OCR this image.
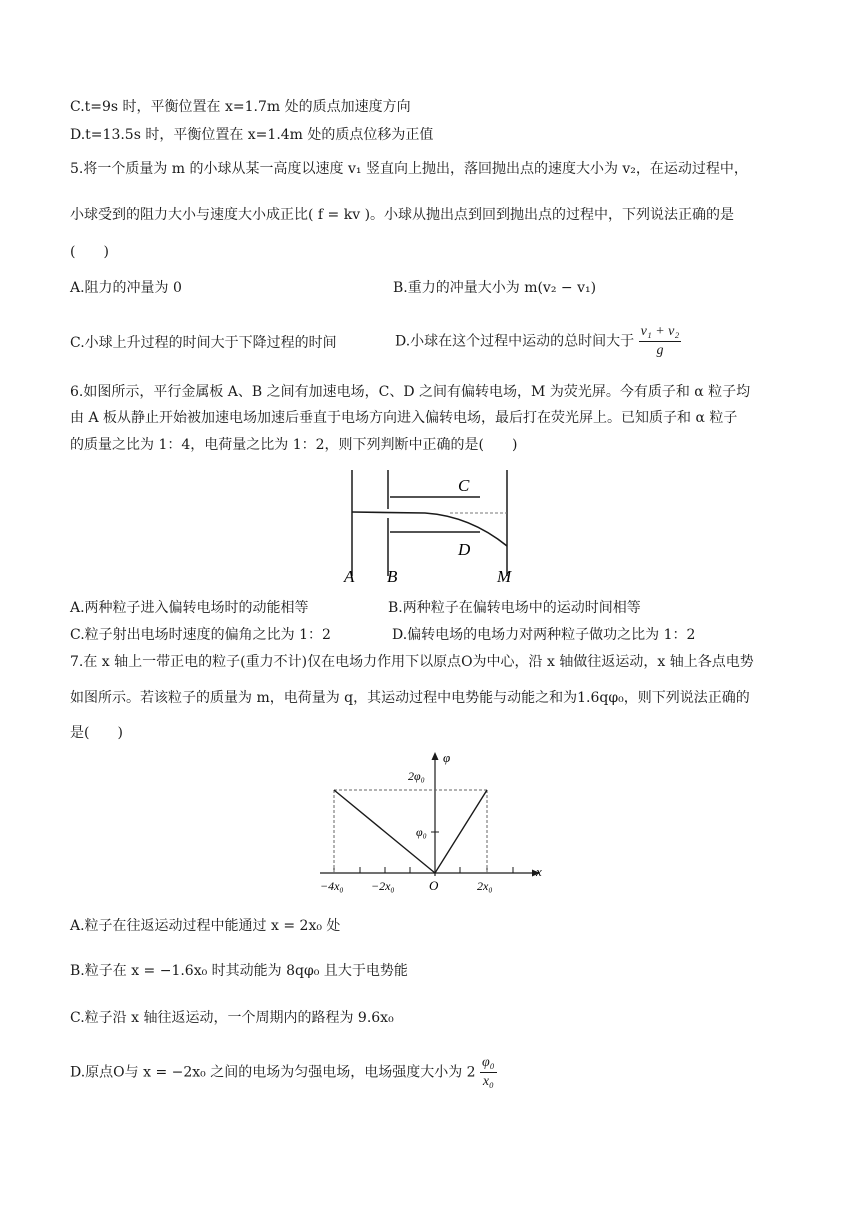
C.t=9s 时，平衡位置在 x=1.7m 处的质点加速度方向
D.t=13.5s 时，平衡位置在 x=1.4m 处的质点位移为正值
5.将一个质量为 m 的小球从某一高度以速度 v₁ 竖直向上抛出，落回抛出点的速度大小为 v₂，在运动过程中，
小球受到的阻力大小与速度大小成正比( f = kv )。小球从抛出点到回到抛出点的过程中，下列说法正确的是
(　　)
A.阻力的冲量为 0	B.重力的冲量大小为 m(v₂ − v₁)
C.小球上升过程的时间大于下降过程的时间	D.小球在这个过程中运动的总时间大于 $\frac{\text{v₁ + v₂}}{g}$
6.如图所示，平行金属板 A、B 之间有加速电场，C、D 之间有偏转电场，M 为荧光屏。今有质子和 α 粒子均
由 A 板从静止开始被加速电场加速后垂直于电场方向进入偏转电场，最后打在荧光屏上。已知质子和 α 粒子
的质量之比为 1：4，电荷量之比为 1：2，则下列判断中正确的是(　　)
C
D
A B	M
A.两种粒子进入偏转电场时的动能相等	B.两种粒子在偏转电场中的运动时间相等
C.粒子射出电场时速度的偏角之比为 1：2	D.偏转电场的电场力对两种粒子做功之比为 1：2
7.在 x 轴上一带正电的粒子(重力不计)仅在电场力作用下以原点O为中心，沿 x 轴做往返运动，x 轴上各点电势
如图所示。若该粒子的质量为 m，电荷量为 q，其运动过程中电势能与动能之和为1.6qφ₀，则下列说法正确的
是(　　)
φ
x
2φ₀
φ₀
O
−4x₀ −2x₀	2x₀
A.粒子在往返运动过程中能通过 x = 2x₀ 处
B.粒子在 x = −1.6x₀ 时其动能为 8qφ₀ 且大于电势能
C.粒子沿 x 轴往返运动，一个周期内的路程为 9.6x₀
D.原点O与 x = −2x₀ 之间的电场为匀强电场，电场强度大小为 $2 \frac{\text{φ₀}}{\text{x₀}}$
